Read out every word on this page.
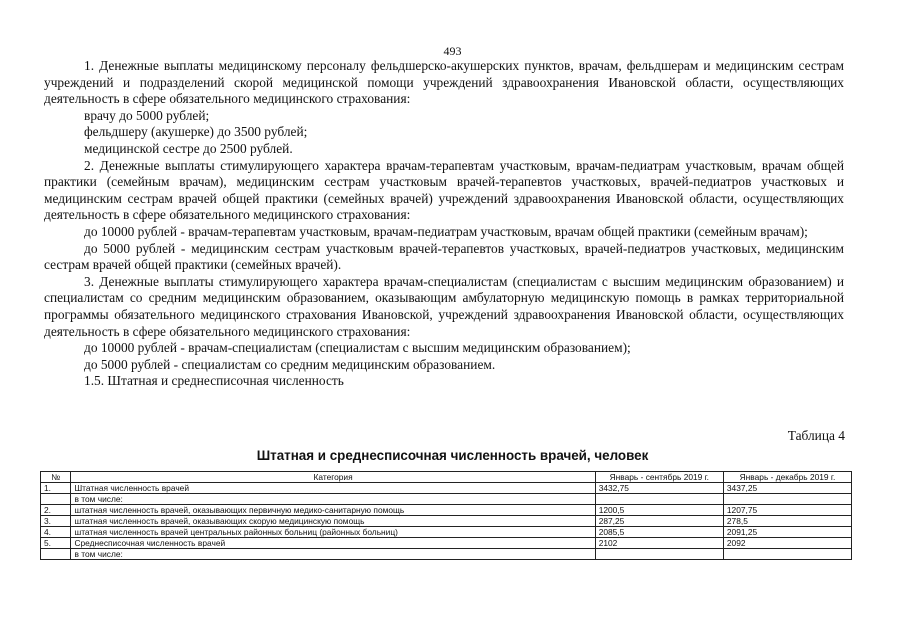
493

1. Денежные выплаты медицинскому персоналу фельдшерско-акушерских пунктов, врачам, фельдшерам и медицинским сестрам учреждений и подразделений скорой медицинской помощи учреждений здравоохранения Ивановской области, осуществляющих деятельность в сфере обязательного медицинского страхования:

врачу до 5000 рублей;

фельдшеру (акушерке) до 3500 рублей;

медицинской сестре до 2500 рублей.

2. Денежные выплаты стимулирующего характера врачам-терапевтам участковым, врачам-педиатрам участковым, врачам общей практики (семейным врачам), медицинским сестрам участковым врачей-терапевтов участковых, врачей-педиатров участковых и медицинским сестрам врачей общей практики (семейных врачей) учреждений здравоохранения Ивановской области, осуществляющих деятельность в сфере обязательного медицинского страхования:

до 10000 рублей - врачам-терапевтам участковым, врачам-педиатрам участковым, врачам общей практики (семейным врачам);

до 5000 рублей - медицинским сестрам участковым врачей-терапевтов участковых, врачей-педиатров участковых, медицинским сестрам врачей общей практики (семейных врачей).

3. Денежные выплаты стимулирующего характера врачам-специалистам (специалистам с высшим медицинским образованием) и специалистам со средним медицинским образованием, оказывающим амбулаторную медицинскую помощь в рамках территориальной программы обязательного медицинского страхования Ивановской, учреждений здравоохранения Ивановской области, осуществляющих деятельность в сфере обязательного медицинского страхования:

до 10000 рублей - врачам-специалистам (специалистам с высшим медицинским образованием);

до 5000 рублей - специалистам со средним медицинским образованием.

1.5. Штатная и среднесписочная численность

Таблица 4
Штатная и среднесписочная численность врачей, человек
№	Категория	Январь - сентябрь 2019 г.	Январь - декабрь 2019 г.
1.	Штатная численность врачей	3432,75	3437,25
	в том числе:		
2.	штатная численность врачей, оказывающих первичную медико-санитарную помощь	1200,5	1207,75
3.	штатная численность врачей, оказывающих скорую медицинскую помощь	287,25	278,5
4.	штатная численность врачей центральных районных больниц (районных больниц)	2085,5	2091,25
5.	Среднесписочная численность врачей	2102	2092
	в том числе:		
